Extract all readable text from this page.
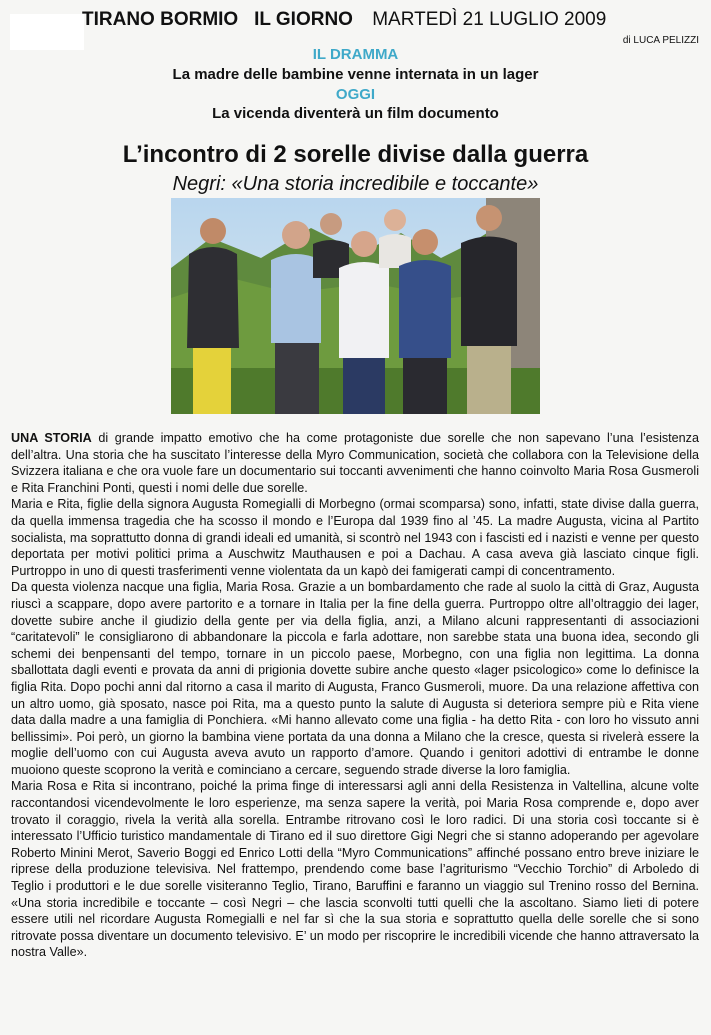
TIRANO BORMIO IL GIORNO MARTEDÌ 21 LUGLIO 2009
di LUCA PELIZZI
IL DRAMMA
La madre delle bambine venne internata in un lager
OGGI
La vicenda diventerà un film documento
L’incontro di 2 sorelle divise dalla guerra
Negri: «Una storia incredibile e toccante»

UNA STORIA di grande impatto emotivo che ha come protagoniste due sorelle che non sapevano l’una l’esistenza dell’altra. Una storia che ha suscitato l’interesse della Myro Communication, società che collabora con la Televisione della Svizzera italiana e che ora vuole fare un documentario sui toccanti avvenimenti che hanno coinvolto Maria Rosa Gusmeroli e Rita Franchini Ponti, questi i nomi delle due sorelle.

Maria e Rita, figlie della signora Augusta Romegialli di Morbegno (ormai scomparsa) sono, infatti, state divise dalla guerra, da quella immensa tragedia che ha scosso il mondo e l’Europa dal 1939 fino al ’45. La madre Augusta, vicina al Partito socialista, ma soprattutto donna di grandi ideali ed umanità, si scontrò nel 1943 con i fascisti ed i nazisti e venne per questo deportata per motivi politici prima a Auschwitz Mauthausen e poi a Dachau. A casa aveva già lasciato cinque figli. Purtroppo in uno di questi trasferimenti venne violentata da un kapò dei famigerati campi di concentramento.

Da questa violenza nacque una figlia, Maria Rosa. Grazie a un bombardamento che rade al suolo la città di Graz, Augusta riuscì a scappare, dopo avere partorito e a tornare in Italia per la fine della guerra. Purtroppo oltre all’oltraggio dei lager, dovette subire anche il giudizio della gente per via della figlia, anzi, a Milano alcuni rappresentanti di associazioni “caritatevoli” le consigliarono di abbandonare la piccola e farla adottare, non sarebbe stata una buona idea, secondo gli schemi dei benpensanti del tempo, tornare in un piccolo paese, Morbegno, con una figlia non legittima. La donna sballottata dagli eventi e provata da anni di prigionia dovette subire anche questo «lager psicologico» come lo definisce la figlia Rita. Dopo pochi anni dal ritorno a casa il marito di Augusta, Franco Gusmeroli, muore. Da una relazione affettiva con un altro uomo, già sposato, nasce poi Rita, ma a questo punto la salute di Augusta si deteriora sempre più e Rita viene data dalla madre a una famiglia di Ponchiera. «Mi hanno allevato come una figlia - ha detto Rita - con loro ho vissuto anni bellissimi». Poi però, un giorno la bambina viene portata da una donna a Milano che la cresce, questa si rivelerà essere la moglie dell’uomo con cui Augusta aveva avuto un rapporto d’amore. Quando i genitori adottivi di entrambe le donne muoiono queste scoprono la verità e cominciano a cercare, seguendo strade diverse la loro famiglia.

Maria Rosa e Rita si incontrano, poiché la prima finge di interessarsi agli anni della Resistenza in Valtellina, alcune volte raccontandosi vicendevolmente le loro esperienze, ma senza sapere la verità, poi Maria Rosa comprende e, dopo aver trovato il coraggio, rivela la verità alla sorella. Entrambe ritrovano così le loro radici. Di una storia così toccante si è interessato l’Ufficio turistico mandamentale di Tirano ed il suo direttore Gigi Negri che si stanno adoperando per agevolare Roberto Minini Merot, Saverio Boggi ed Enrico Lotti della “Myro Communications” affinché possano entro breve iniziare le riprese della produzione televisiva. Nel frattempo, prendendo come base l’agriturismo “Vecchio Torchio” di Arboledo di Teglio i produttori e le due sorelle visiteranno Teglio, Tirano, Baruffini e faranno un viaggio sul Trenino rosso del Bernina. «Una storia incredibile e toccante – così Negri – che lascia sconvolti tutti quelli che la ascoltano. Siamo lieti di potere essere utili nel ricordare Augusta Romegialli e nel far sì che la sua storia e soprattutto quella delle sorelle che si sono ritrovate possa diventare un documento televisivo. E’ un modo per riscoprire le incredibili vicende che hanno attraversato la nostra Valle».
